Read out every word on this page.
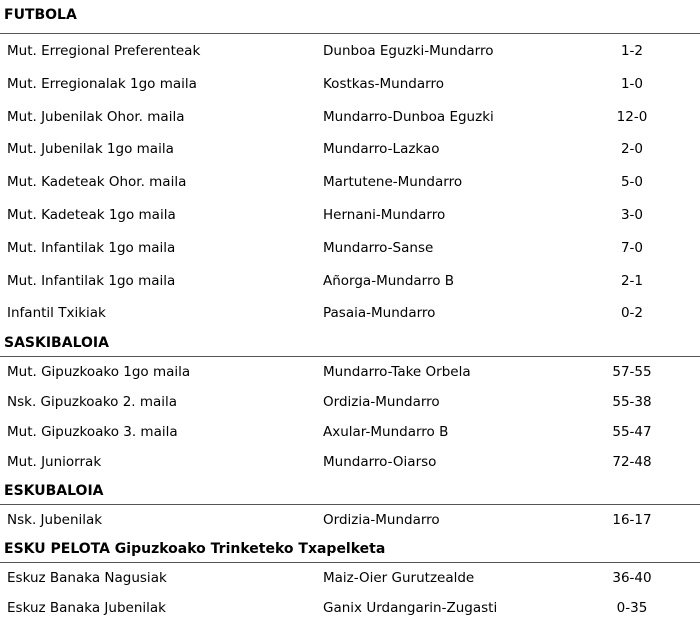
FUTBOLA
Mut. Erregional Preferenteak	Dunboa Eguzki-Mundarro	1-2
Mut. Erregionalak 1go maila	Kostkas-Mundarro	1-0
Mut. Jubenilak Ohor. maila	Mundarro-Dunboa Eguzki	12-0
Mut. Jubenilak 1go maila	Mundarro-Lazkao	2-0
Mut. Kadeteak Ohor. maila	Martutene-Mundarro	5-0
Mut. Kadeteak 1go maila	Hernani-Mundarro	3-0
Mut. Infantilak 1go maila	Mundarro-Sanse	7-0
Mut. Infantilak 1go maila	Añorga-Mundarro B	2-1
Infantil Txikiak	Pasaia-Mundarro	0-2
SASKIBALOIA
Mut. Gipuzkoako 1go maila	Mundarro-Take Orbela	57-55
Nsk. Gipuzkoako 2. maila	Ordizia-Mundarro	55-38
Mut. Gipuzkoako 3. maila	Axular-Mundarro B	55-47
Mut. Juniorrak	Mundarro-Oiarso	72-48
ESKUBALOIA
Nsk. Jubenilak	Ordizia-Mundarro	16-17
ESKU PELOTA Gipuzkoako Trinketeko Txapelketa
Eskuz Banaka Nagusiak	Maiz-Oier Gurutzealde	36-40
Eskuz Banaka Jubenilak	Ganix Urdangarin-Zugasti	0-35
